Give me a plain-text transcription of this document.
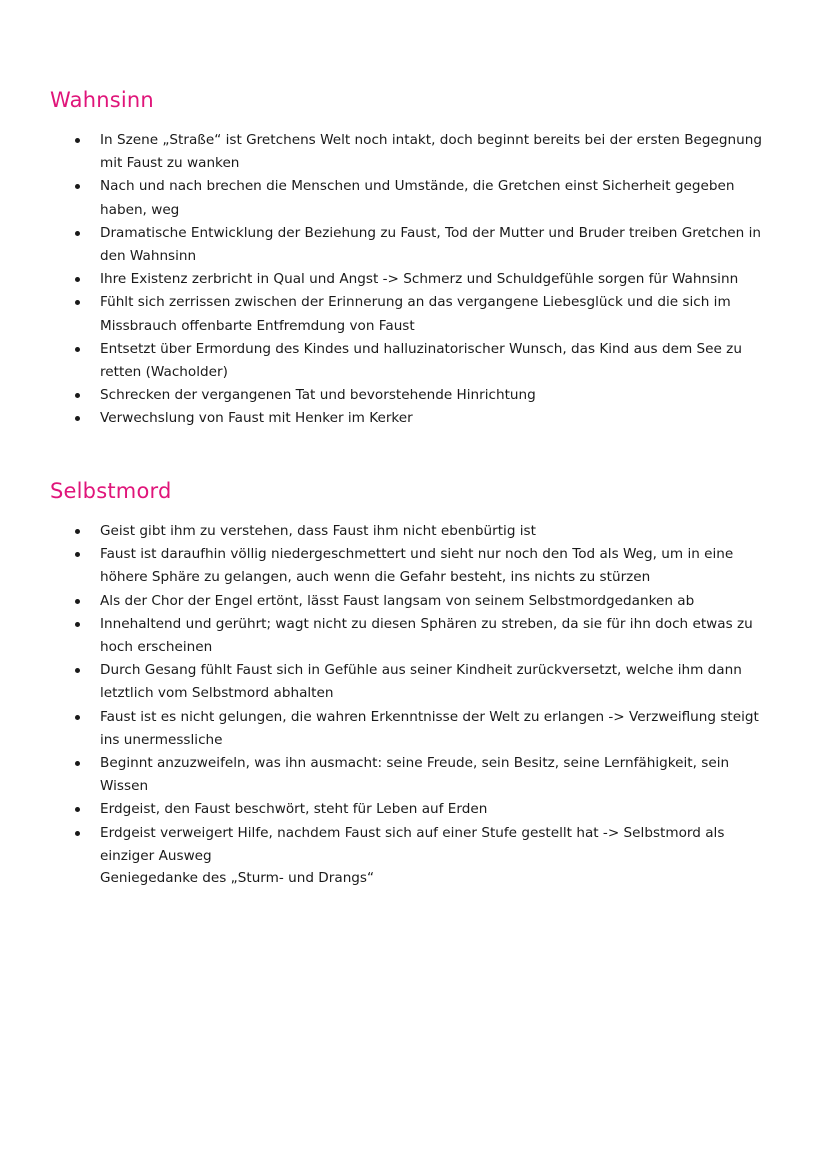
Wahnsinn
In Szene „Straße“ ist Gretchens Welt noch intakt, doch beginnt bereits bei der ersten Begegnung mit Faust zu wanken
Nach und nach brechen die Menschen und Umstände, die Gretchen einst Sicherheit gegeben haben, weg
Dramatische Entwicklung der Beziehung zu Faust, Tod der Mutter und Bruder treiben Gretchen in den Wahnsinn
Ihre Existenz zerbricht in Qual und Angst -> Schmerz und Schuldgefühle sorgen für Wahnsinn
Fühlt sich zerrissen zwischen der Erinnerung an das vergangene Liebesglück und die sich im Missbrauch offenbarte Entfremdung von Faust
Entsetzt über Ermordung des Kindes und halluzinatorischer Wunsch, das Kind aus dem See zu retten (Wacholder)
Schrecken der vergangenen Tat und bevorstehende Hinrichtung
Verwechslung von Faust mit Henker im Kerker
Selbstmord
Geist gibt ihm zu verstehen, dass Faust ihm nicht ebenbürtig ist
Faust ist daraufhin völlig niedergeschmettert und sieht nur noch den Tod als Weg, um in eine höhere Sphäre zu gelangen, auch wenn die Gefahr besteht, ins nichts zu stürzen
Als der Chor der Engel ertönt, lässt Faust langsam von seinem Selbstmordgedanken ab
Innehaltend und gerührt; wagt nicht zu diesen Sphären zu streben, da sie für ihn doch etwas zu hoch erscheinen
Durch Gesang fühlt Faust sich in Gefühle aus seiner Kindheit zurückversetzt, welche ihm dann letztlich vom Selbstmord abhalten
Faust ist es nicht gelungen, die wahren Erkenntnisse der Welt zu erlangen -> Verzweiflung steigt ins unermessliche
Beginnt anzuzweifeln, was ihn ausmacht: seine Freude, sein Besitz, seine Lernfähigkeit, sein Wissen
Erdgeist, den Faust beschwört, steht für Leben auf Erden
Erdgeist verweigert Hilfe, nachdem Faust sich auf einer Stufe gestellt hat -> Selbstmord als einziger Ausweg

Geniegedanke des „Sturm- und Drangs“
